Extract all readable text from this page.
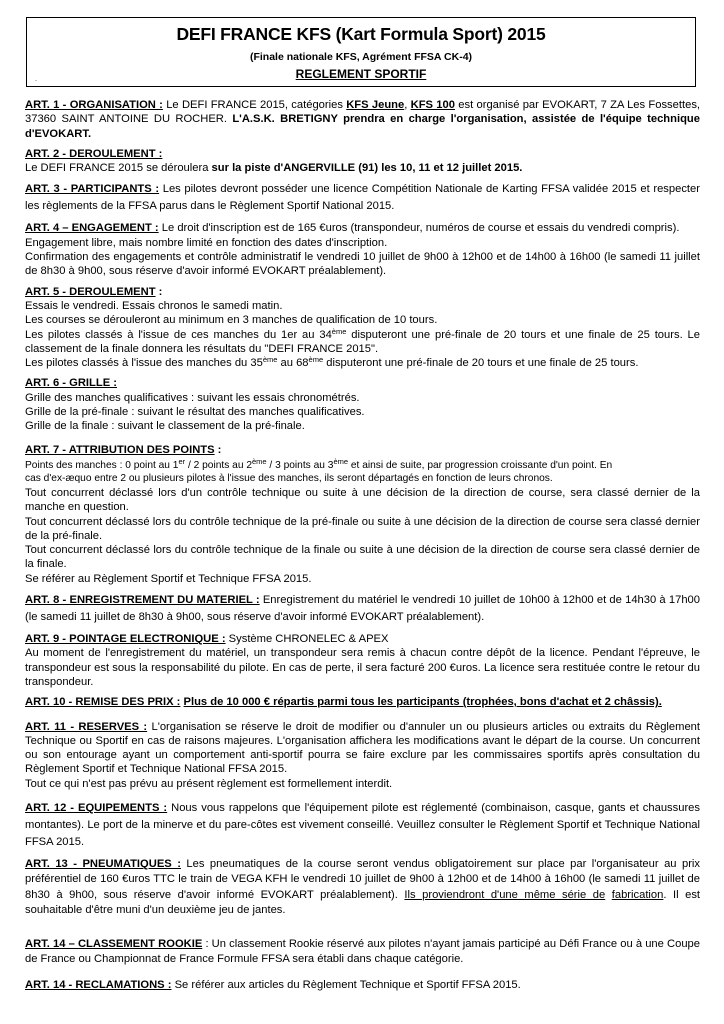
DEFI FRANCE KFS (Kart Formula Sport) 2015
(Finale nationale KFS, Agrément FFSA CK-4)
REGLEMENT SPORTIF
.

ART. 1 - ORGANISATION : Le DEFI FRANCE 2015, catégories KFS Jeune, KFS 100 est organisé par EVOKART, 7 ZA Les Fossettes, 37360 SAINT ANTOINE DU ROCHER. L'A.S.K. BRETIGNY prendra en charge l'organisation, assistée de l'équipe technique d'EVOKART.

ART. 2 - DEROULEMENT :

Le DEFI FRANCE 2015 se déroulera sur la piste d'ANGERVILLE (91) les 10, 11 et 12 juillet 2015.

ART. 3 - PARTICIPANTS : Les pilotes devront posséder une licence Compétition Nationale de Karting FFSA validée 2015 et respecter les règlements de la FFSA parus dans le Règlement Sportif National 2015.

ART. 4 – ENGAGEMENT : Le droit d'inscription est de 165 €uros (transpondeur, numéros de course et essais du vendredi compris).

Engagement libre, mais nombre limité en fonction des dates d'inscription.

Confirmation des engagements et contrôle administratif le vendredi 10 juillet de 9h00 à 12h00 et de 14h00 à 16h00 (le samedi 11 juillet de 8h30 à 9h00, sous réserve d'avoir informé EVOKART préalablement).

ART. 5 - DEROULEMENT :

Essais le vendredi. Essais chronos le samedi matin.

Les courses se dérouleront au minimum en 3 manches de qualification de 10 tours.

Les pilotes classés à l'issue de ces manches du 1er au 34ème disputeront une pré-finale de 20 tours et une finale de 25 tours. Le classement de la finale donnera les résultats du "DEFI FRANCE 2015".

Les pilotes classés à l'issue des manches du 35ème au 68ème disputeront une pré-finale de 20 tours et une finale de 25 tours.

ART. 6 - GRILLE :

Grille des manches qualificatives : suivant les essais chronométrés.

Grille de la pré-finale : suivant le résultat des manches qualificatives.

Grille de la finale : suivant le classement de la pré-finale.

ART. 7 - ATTRIBUTION DES POINTS :

Points des manches : 0 point au 1er / 2 points au 2ème / 3 points au 3ème et ainsi de suite, par progression croissante d'un point. En

cas d'ex-æquo entre 2 ou plusieurs pilotes à l'issue des manches, ils seront départagés en fonction de leurs chronos.

Tout concurrent déclassé lors d'un contrôle technique ou suite à une décision de la direction de course, sera classé dernier de la manche en question.

Tout concurrent déclassé lors du contrôle technique de la pré-finale ou suite à une décision de la direction de course sera classé dernier de la pré-finale.

Tout concurrent déclassé lors du contrôle technique de la finale ou suite à une décision de la direction de course sera classé dernier de la finale.

Se référer au Règlement Sportif et Technique FFSA 2015.

ART. 8 - ENREGISTREMENT DU MATERIEL : Enregistrement du matériel le vendredi 10 juillet de 10h00 à 12h00 et de 14h30 à 17h00 (le samedi 11 juillet de 8h30 à 9h00, sous réserve d'avoir informé EVOKART préalablement).

ART. 9 - POINTAGE ELECTRONIQUE : Système CHRONELEC & APEX

Au moment de l'enregistrement du matériel, un transpondeur sera remis à chacun contre dépôt de la licence. Pendant l'épreuve, le transpondeur est sous la responsabilité du pilote. En cas de perte, il sera facturé 200 €uros. La licence sera restituée contre le retour du transpondeur.

ART. 10 - REMISE DES PRIX : Plus de 10 000 € répartis parmi tous les participants (trophées, bons d'achat et 2 châssis).

ART. 11 - RESERVES : L'organisation se réserve le droit de modifier ou d'annuler un ou plusieurs articles ou extraits du Règlement Technique ou Sportif en cas de raisons majeures. L'organisation affichera les modifications avant le départ de la course. Un concurrent ou son entourage ayant un comportement anti-sportif pourra se faire exclure par les commissaires sportifs après consultation du Règlement Sportif et Technique National FFSA 2015.

Tout ce qui n'est pas prévu au présent règlement est formellement interdit.

ART. 12 - EQUIPEMENTS : Nous vous rappelons que l'équipement pilote est réglementé (combinaison, casque, gants et chaussures montantes). Le port de la minerve et du pare-côtes est vivement conseillé. Veuillez consulter le Règlement Sportif et Technique National FFSA 2015.

ART. 13 - PNEUMATIQUES : Les pneumatiques de la course seront vendus obligatoirement sur place par l'organisateur au prix préférentiel de 160 €uros TTC le train de VEGA KFH le vendredi 10 juillet de 9h00 à 12h00 et de 14h00 à 16h00 (le samedi 11 juillet de 8h30 à 9h00, sous réserve d'avoir informé EVOKART préalablement). Ils proviendront d'une même série de fabrication. Il est souhaitable d'être muni d'un deuxième jeu de jantes.

ART. 14 – CLASSEMENT ROOKIE : Un classement Rookie réservé aux pilotes n'ayant jamais participé au Défi France ou à une Coupe de France ou Championnat de France Formule FFSA sera établi dans chaque catégorie.

ART. 14 - RECLAMATIONS : Se référer aux articles du Règlement Technique et Sportif FFSA 2015.
